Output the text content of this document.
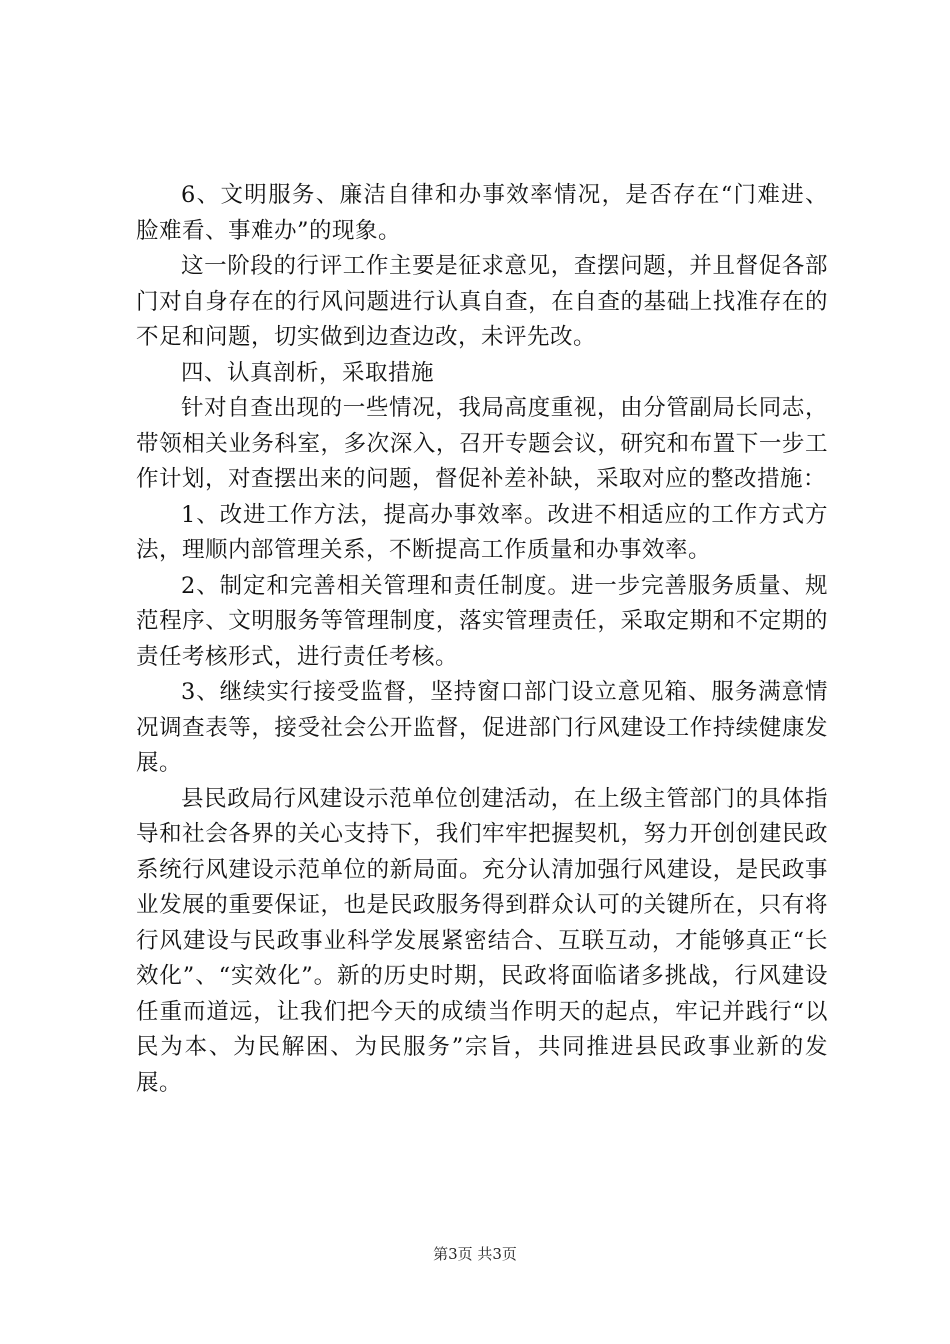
6、文明服务、廉洁自律和办事效率情况，是否存在“门难进、脸难看、事难办”的现象。

这一阶段的行评工作主要是征求意见，查摆问题，并且督促各部门对自身存在的行风问题进行认真自查，在自查的基础上找准存在的不足和问题，切实做到边查边改，未评先改。

四、认真剖析，采取措施

针对自查出现的一些情况，我局高度重视，由分管副局长同志，带领相关业务科室，多次深入，召开专题会议，研究和布置下一步工作计划，对查摆出来的问题，督促补差补缺，采取对应的整改措施：

1、改进工作方法，提高办事效率。改进不相适应的工作方式方法，理顺内部管理关系，不断提高工作质量和办事效率。

2、制定和完善相关管理和责任制度。进一步完善服务质量、规范程序、文明服务等管理制度，落实管理责任，采取定期和不定期的责任考核形式，进行责任考核。

3、继续实行接受监督，坚持窗口部门设立意见箱、服务满意情况调查表等，接受社会公开监督，促进部门行风建设工作持续健康发展。

县民政局行风建设示范单位创建活动，在上级主管部门的具体指导和社会各界的关心支持下，我们牢牢把握契机，努力开创创建民政系统行风建设示范单位的新局面。充分认清加强行风建设，是民政事业发展的重要保证，也是民政服务得到群众认可的关键所在，只有将行风建设与民政事业科学发展紧密结合、互联互动，才能够真正“长效化”、“实效化”。新的历史时期，民政将面临诸多挑战，行风建设任重而道远，让我们把今天的成绩当作明天的起点，牢记并践行“以民为本、为民解困、为民服务”宗旨，共同推进县民政事业新的发展。

第3页 共3页
